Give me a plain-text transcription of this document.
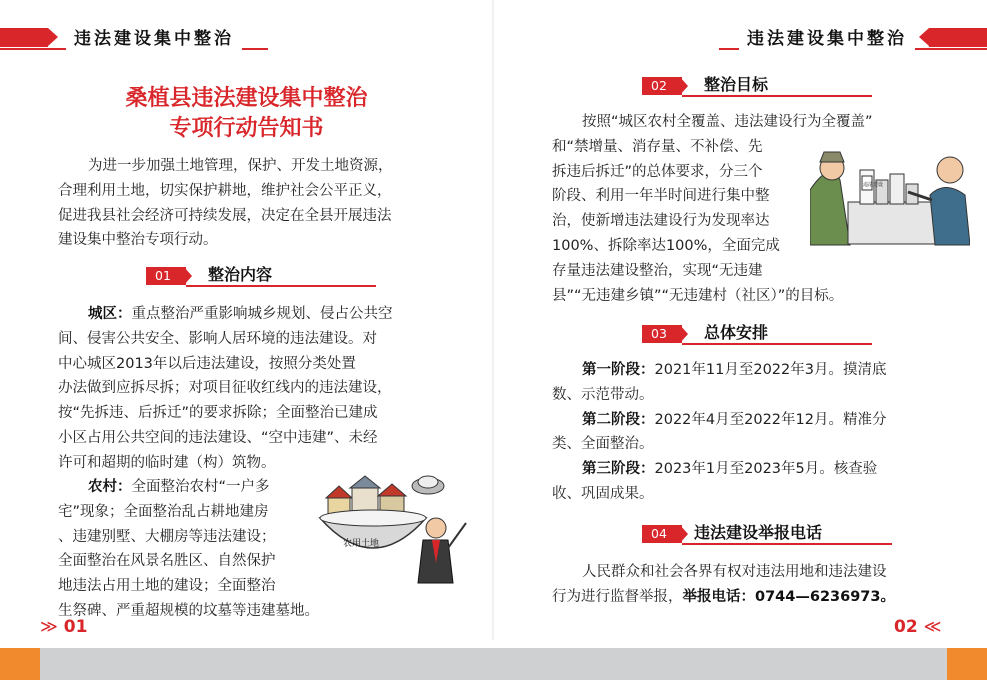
违法建设集中整治
桑植县违法建设集中整治
专项行动告知书
为进一步加强土地管理，保护、开发土地资源，
合理利用土地，切实保护耕地，维护社会公平正义，
促进我县社会经济可持续发展，决定在全县开展违法
建设集中整治专项行动。
01	整治内容
城区：重点整治严重影响城乡规划、侵占公共空
间、侵害公共安全、影响人居环境的违法建设。对
中心城区2013年以后违法建设，按照分类处置
办法做到应拆尽拆；对项目征收红线内的违法建设，
按“先拆违、后拆迁”的要求拆除；全面整治已建成
小区占用公共空间的违法建设、“空中违建”、未经
许可和超期的临时建（构）筑物。
农村：全面整治农村“一户多
宅”现象；全面整治乱占耕地建房
、违建别墅、大棚房等违法建设；
全面整治在风景名胜区、自然保护
地违法占用土地的建设；全面整治
生祭碑、严重超规模的坟墓等违建墓地。
农用土地
≫ 01
违法建设集中整治
02	整治目标
按照“城区农村全覆盖、违法建设行为全覆盖”
和“禁增量、消存量、不补偿、先
拆违后拆迁”的总体要求，分三个
阶段、利用一年半时间进行集中整
治，使新增违法建设行为发现率达
100%、拆除率达100%，全面完成
存量违法建设整治，实现“无违建
县”“无违建乡镇”“无违建村（社区）”的目标。
违法建设
03	总体安排
第一阶段：2021年11月至2022年3月。摸清底
数、示范带动。
第二阶段：2022年4月至2022年12月。精准分
类、全面整治。
第三阶段：2023年1月至2023年5月。核查验
收、巩固成果。
04	违法建设举报电话
人民群众和社会各界有权对违法用地和违法建设
行为进行监督举报，举报电话：0744—6236973。
02 ≪
